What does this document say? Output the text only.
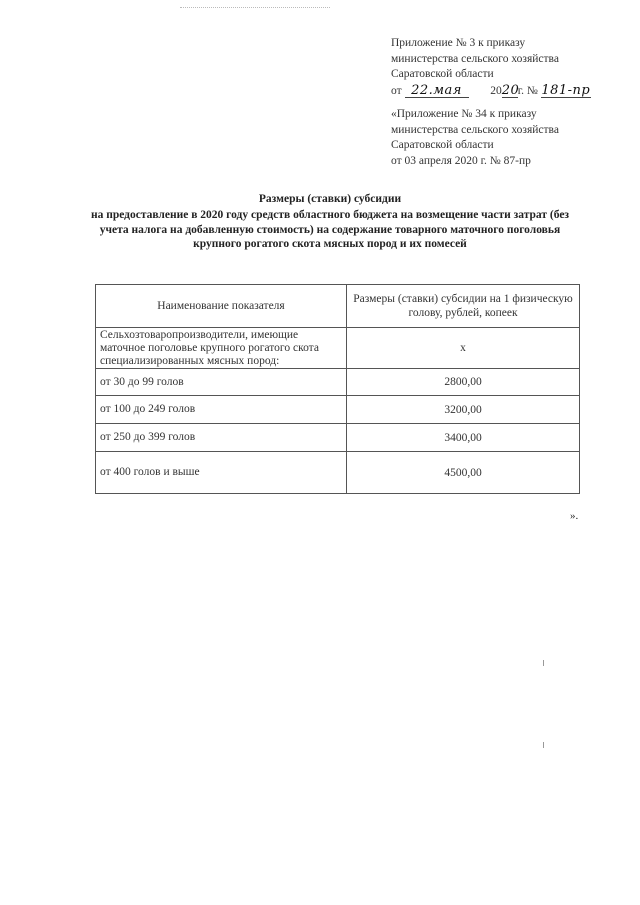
Приложение № 3 к приказу
министерства сельского хозяйства
Саратовской области
от 22.мая 2020г. № 181-пр
«Приложение № 34 к приказу
министерства сельского хозяйства
Саратовской области
от 03 апреля 2020 г. № 87-пр
Размеры (ставки) субсидии
на предоставление в 2020 году средств областного бюджета на возмещение части затрат (без учета налога на добавленную стоимость) на содержание товарного маточного поголовья крупного рогатого скота мясных пород и их помесей
Наименование показателя	Размеры (ставки) субсидии на 1 физическую голову, рублей, копеек
Сельхозтоваропроизводители, имеющие маточное поголовье крупного рогатого скота специализированных мясных пород:	х
от 30 до 99 голов	2800,00
от 100 до 249 голов	3200,00
от 250 до 399 голов	3400,00
от 400 голов и выше	4500,00
».
